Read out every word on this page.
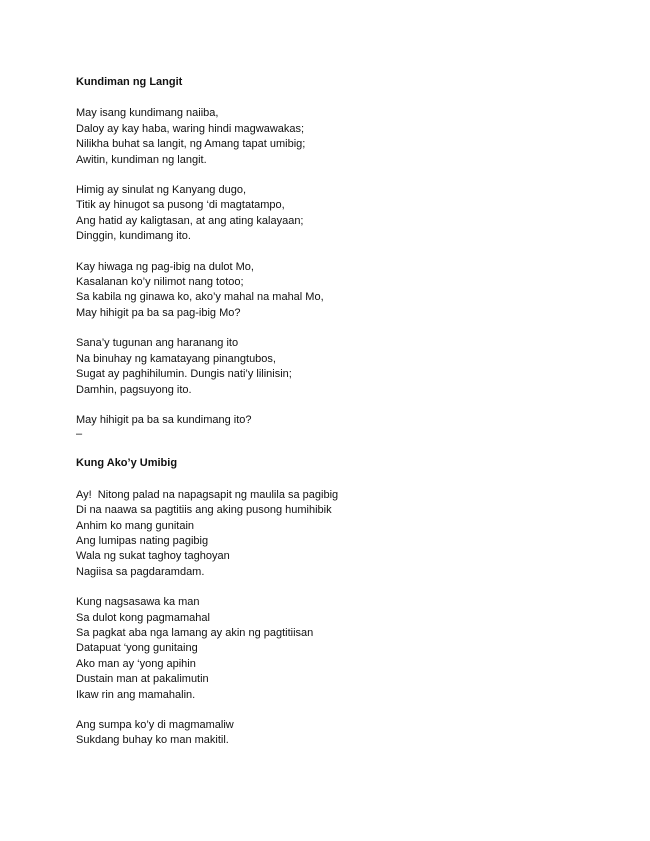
Kundiman ng Langit
May isang kundimang naiiba,
Daloy ay kay haba, waring hindi magwawakas;
Nilikha buhat sa langit, ng Amang tapat umibig;
Awitin, kundiman ng langit.
Himig ay sinulat ng Kanyang dugo,
Titik ay hinugot sa pusong ‘di magtatampo,
Ang hatid ay kaligtasan, at ang ating kalayaan;
Dinggin, kundimang ito.
Kay hiwaga ng pag-ibig na dulot Mo,
Kasalanan ko’y nilimot nang totoo;
Sa kabila ng ginawa ko, ako’y mahal na mahal Mo,
May hihigit pa ba sa pag-ibig Mo?
Sana’y tugunan ang haranang ito
Na binuhay ng kamatayang pinangtubos,
Sugat ay paghihilumin. Dungis nati’y lilinisin;
Damhin, pagsuyong ito.
May hihigit pa ba sa kundimang ito?
–
Kung Ako’y Umibig
Ay!  Nitong palad na napagsapit ng maulila sa pagibig
Di na naawa sa pagtitiis ang aking pusong humihibik
Anhim ko mang gunitain
Ang lumipas nating pagibig
Wala ng sukat taghoy taghoyan
Nagiisa sa pagdaramdam.
Kung nagsasawa ka man
Sa dulot kong pagmamahal
Sa pagkat aba nga lamang ay akin ng pagtitiisan
Datapuat ‘yong gunitaing
Ako man ay ‘yong apihin
Dustain man at pakalimutin
Ikaw rin ang mamahalin.
Ang sumpa ko’y di magmamaliw
Sukdang buhay ko man makitil.
